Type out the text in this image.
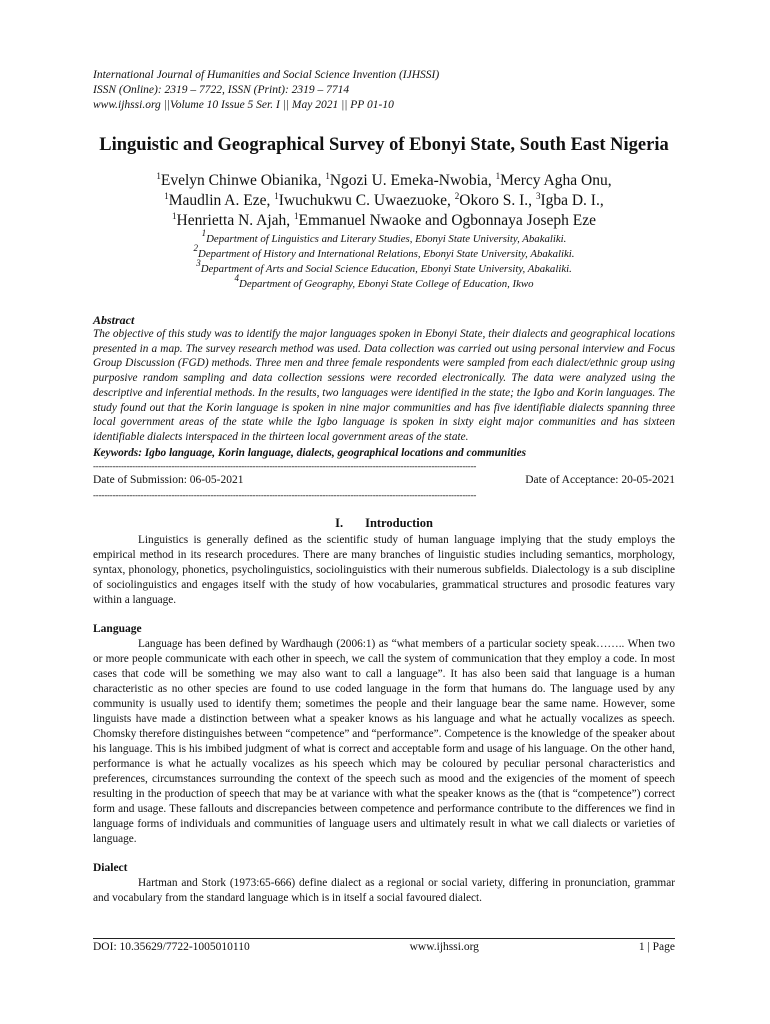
International Journal of Humanities and Social Science Invention (IJHSSI)

ISSN (Online): 2319 – 7722, ISSN (Print): 2319 – 7714

www.ijhssi.org ||Volume 10 Issue 5 Ser. I || May 2021 || PP 01-10

Linguistic and Geographical Survey of Ebonyi State, South East Nigeria

$^1$Evelyn Chinwe Obianika, $^1$Ngozi U. Emeka-Nwobia, $^1$Mercy Agha Onu,
$^1$Maudlin A. Eze, $^1$Iwuchukwu C. Uwaezuoke, $^2$Okoro S. I., $^3$Igba D. I.,
$^1$Henrietta N. Ajah, $^1$Emmanuel Nwaoke and Ogbonnaya Joseph Eze

$^1$Department of Linguistics and Literary Studies, Ebonyi State University, Abakaliki.

$^2$Department of History and International Relations, Ebonyi State University, Abakaliki.

$^3$Department of Arts and Social Science Education, Ebonyi State University, Abakaliki.

$^4$Department of Geography, Ebonyi State College of Education, Ikwo

Abstract

The objective of this study was to identify the major languages spoken in Ebonyi State, their dialects and geographical locations presented in a map. The survey research method was used. Data collection was carried out using personal interview and Focus Group Discussion (FGD) methods. Three men and three female respondents were sampled from each dialect/ethnic group using purposive random sampling and data collection sessions were recorded electronically. The data were analyzed using the descriptive and inferential methods. In the results, two languages were identified in the state; the Igbo and Korin languages. The study found out that the Korin language is spoken in nine major communities and has five identifiable dialects spanning three local government areas of the state while the Igbo language is spoken in sixty eight major communities and has sixteen identifiable dialects interspaced in the thirteen local government areas of the state.

Keywords: Igbo language, Korin language, dialects, geographical locations and communities

-----------------------------------------------------------------------------------------------------------------------------------------

Date of Submission: 06-05-2021	Date of Acceptance: 20-05-2021

-----------------------------------------------------------------------------------------------------------------------------------------

I. Introduction

Linguistics is generally defined as the scientific study of human language implying that the study employs the empirical method in its research procedures. There are many branches of linguistic studies including semantics, morphology, syntax, phonology, phonetics, psycholinguistics, sociolinguistics with their numerous subfields. Dialectology is a sub discipline of sociolinguistics and engages itself with the study of how vocabularies, grammatical structures and prosodic features vary within a language.

Language

Language has been defined by Wardhaugh (2006:1) as “what members of a particular society speak…….. When two or more people communicate with each other in speech, we call the system of communication that they employ a code. In most cases that code will be something we may also want to call a language”. It has also been said that language is a human characteristic as no other species are found to use coded language in the form that humans do. The language used by any community is usually used to identify them; sometimes the people and their language bear the same name. However, some linguists have made a distinction between what a speaker knows as his language and what he actually vocalizes as speech. Chomsky therefore distinguishes between “competence” and “performance”. Competence is the knowledge of the speaker about his language. This is his imbibed judgment of what is correct and acceptable form and usage of his language. On the other hand, performance is what he actually vocalizes as his speech which may be coloured by peculiar personal characteristics and preferences, circumstances surrounding the context of the speech such as mood and the exigencies of the moment of speech resulting in the production of speech that may be at variance with what the speaker knows as the (that is “competence”) correct form and usage. These fallouts and discrepancies between competence and performance contribute to the differences we find in language forms of individuals and communities of language users and ultimately result in what we call dialects or varieties of language.

Dialect

Hartman and Stork (1973:65-666) define dialect as a regional or social variety, differing in pronunciation, grammar and vocabulary from the standard language which is in itself a social favoured dialect.

DOI: 10.35629/7722-1005010110	www.ijhssi.org	1 | Page
